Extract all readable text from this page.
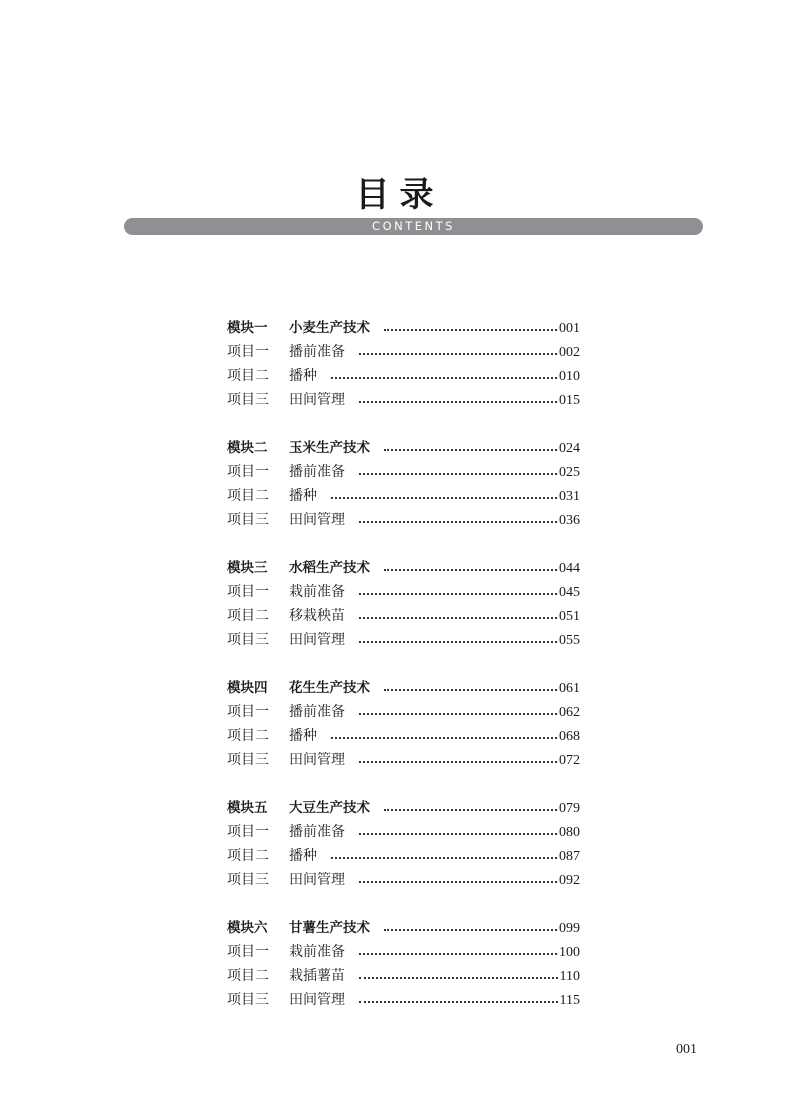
目录
CONTENTS
模块一	小麦生产技术	001
项目一	播前准备	002
项目二	播种	010
项目三	田间管理	015
模块二	玉米生产技术	024
项目一	播前准备	025
项目二	播种	031
项目三	田间管理	036
模块三	水稻生产技术	044
项目一	栽前准备	045
项目二	移栽秧苗	051
项目三	田间管理	055
模块四	花生生产技术	061
项目一	播前准备	062
项目二	播种	068
项目三	田间管理	072
模块五	大豆生产技术	079
项目一	播前准备	080
项目二	播种	087
项目三	田间管理	092
模块六	甘薯生产技术	099
项目一	栽前准备	100
项目二	栽插薯苗	110
项目三	田间管理	115
001
